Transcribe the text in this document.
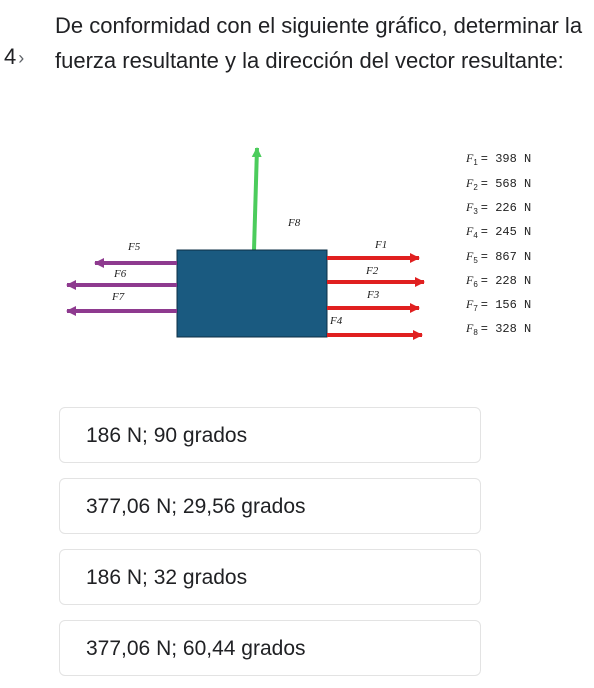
4 ›
De conformidad con el siguiente gráfico, determinar la fuerza resultante y la dirección del vector resultante:
F8
F5
F6
F7
F1
F2
F3
F4
$F_1 = 398$ N
$F_2 = 568$ N
$F_3 = 226$ N
$F_4 = 245$ N
$F_5 = 867$ N
$F_6 = 228$ N
$F_7 = 156$ N
$F_8 = 328$ N
186 N; 90 grados
377,06 N; 29,56 grados
186 N; 32 grados
377,06 N; 60,44 grados
